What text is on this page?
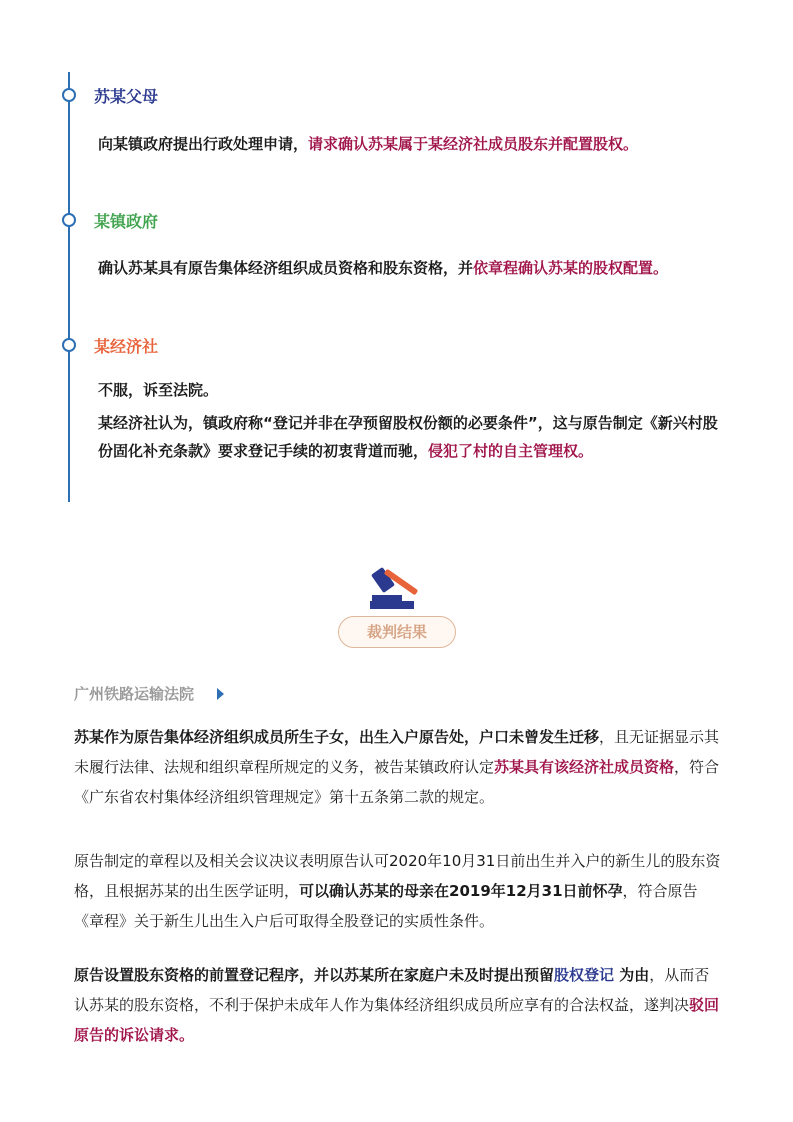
苏某父母

向某镇政府提出行政处理申请，请求确认苏某属于某经济社成员股东并配置股权。

某镇政府

确认苏某具有原告集体经济组织成员资格和股东资格，并依章程确认苏某的股权配置。

某经济社

不服，诉至法院。

某经济社认为，镇政府称“登记并非在孕预留股权份额的必要条件”，这与原告制定《新兴村股份固化补充条款》要求登记手续的初衷背道而驰，侵犯了村的自主管理权。

裁判结果
广州铁路运输法院

苏某作为原告集体经济组织成员所生子女，出生入户原告处，户口未曾发生迁移，且无证据显示其未履行法律、法规和组织章程所规定的义务，被告某镇政府认定苏某具有该经济社成员资格，符合《广东省农村集体经济组织管理规定》第十五条第二款的规定。

原告制定的章程以及相关会议决议表明原告认可2020年10月31日前出生并入户的新生儿的股东资格，且根据苏某的出生医学证明，可以确认苏某的母亲在2019年12月31日前怀孕，符合原告《章程》关于新生儿出生入户后可取得全股登记的实质性条件。

原告设置股东资格的前置登记程序，并以苏某所在家庭户未及时提出预留股权登记 为由，从而否认苏某的股东资格，不利于保护未成年人作为集体经济组织成员所应享有的合法权益，遂判决驳回原告的诉讼请求。
